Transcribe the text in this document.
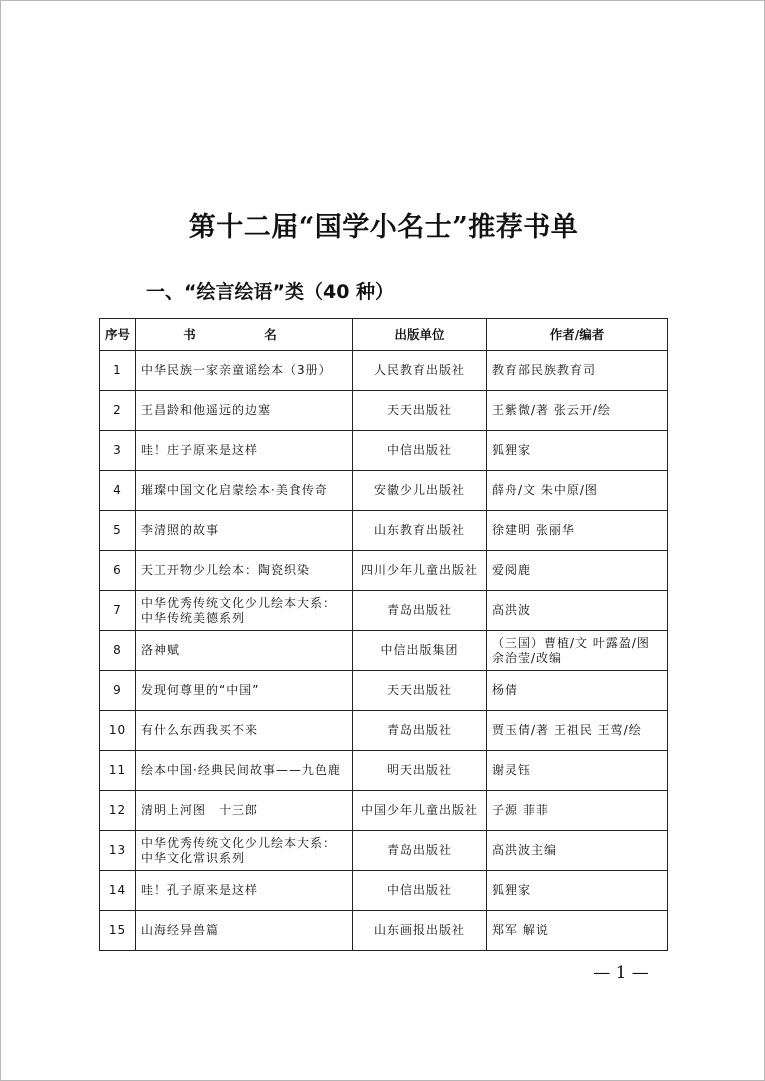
第十二届“国学小名士”推荐书单
一、“绘言绘语”类（40 种）
序号	书　名	出版单位	作者/编者
1	中华民族一家亲童谣绘本（3册）	人民教育出版社	教育部民族教育司
2	王昌龄和他遥远的边塞	天天出版社	王紫微/著 张云开/绘
3	哇！庄子原来是这样	中信出版社	狐狸家
4	璀璨中国文化启蒙绘本·美食传奇	安徽少儿出版社	薛舟/文 朱中原/图
5	李清照的故事	山东教育出版社	徐建明 张丽华
6	天工开物少儿绘本：陶瓷织染	四川少年儿童出版社	爱阅鹿
7	中华优秀传统文化少儿绘本大系：中华传统美德系列	青岛出版社	高洪波
8	洛神赋	中信出版集团	（三国）曹植/文 叶露盈/图 余治莹/改编
9	发现何尊里的“中国”	天天出版社	杨倩
10	有什么东西我买不来	青岛出版社	贾玉倩/著 王祖民 王莺/绘
11	绘本中国·经典民间故事——九色鹿	明天出版社	谢灵钰
12	清明上河图　十三郎	中国少年儿童出版社	子源 菲菲
13	中华优秀传统文化少儿绘本大系：中华文化常识系列	青岛出版社	高洪波主编
14	哇！孔子原来是这样	中信出版社	狐狸家
15	山海经异兽篇	山东画报出版社	郑军 解说
— 1 —
